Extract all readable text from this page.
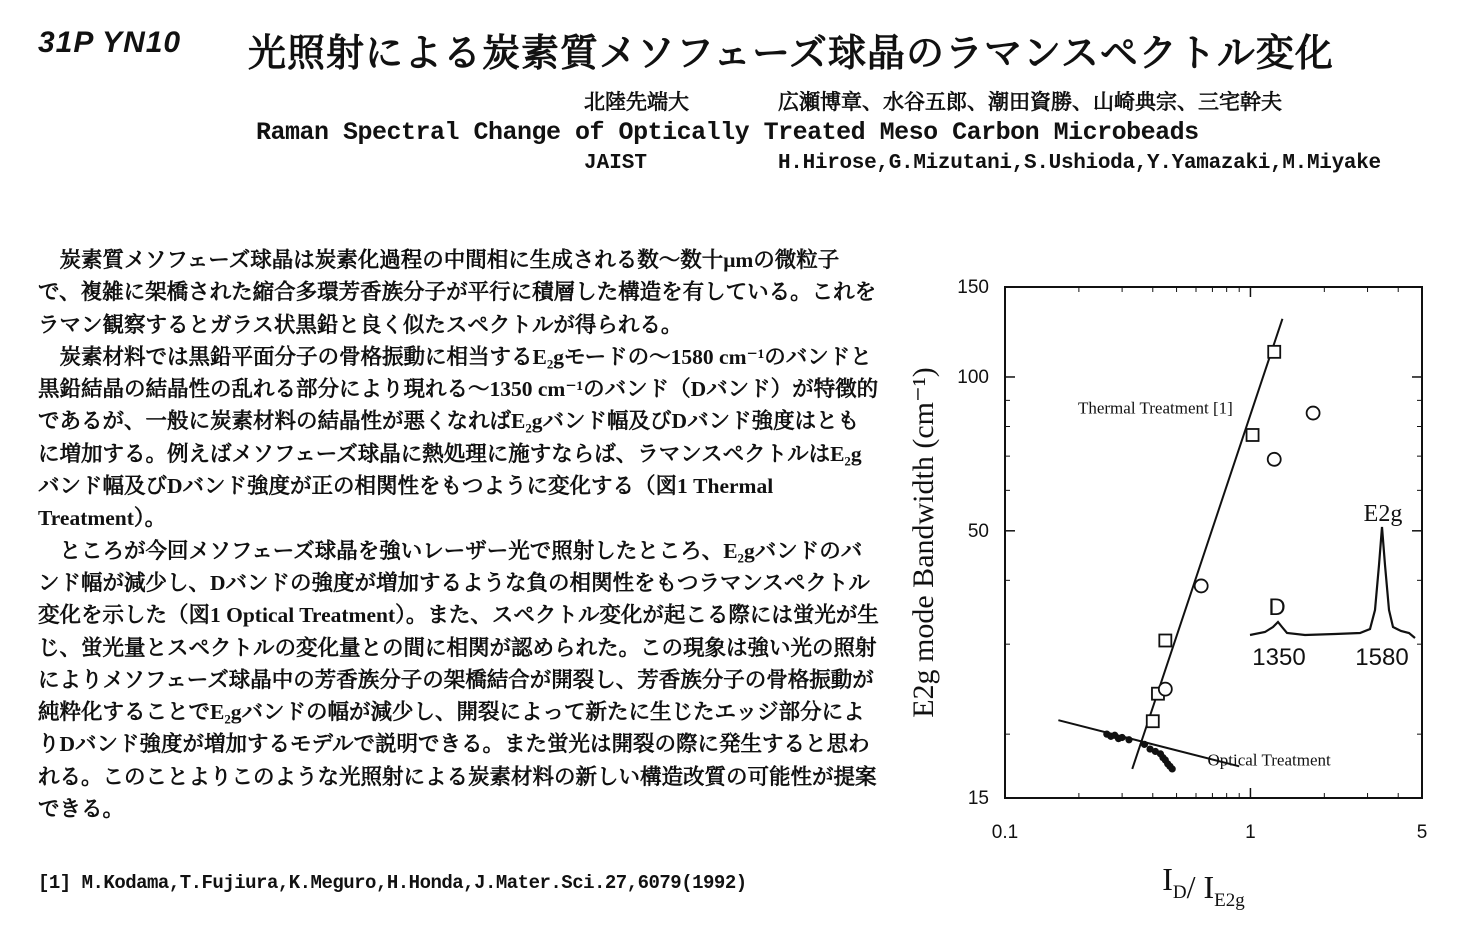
31P YN10 光照射による炭素質メソフェーズ球晶のラマンスペクトル変化
北陸先端大	広瀬博章、水谷五郎、潮田資勝、山崎典宗、三宅幹夫
Raman Spectral Change of Optically Treated Meso Carbon Microbeads
JAIST	H.Hirose,G.Mizutani,S.Ushioda,Y.Yamazaki,M.Miyake

炭素質メソフェーズ球晶は炭素化過程の中間相に生成される数～数十μmの微粒子で、複雑に架橋された縮合多環芳香族分子が平行に積層した構造を有している。これをラマン観察するとガラス状黒鉛と良く似たスペクトルが得られる。

炭素材料では黒鉛平面分子の骨格振動に相当するE₂gモードの～1580 cm⁻¹のバンドと黒鉛結晶の結晶性の乱れる部分により現れる～1350 cm⁻¹のバンド（Dバンド）が特徴的であるが、一般に炭素材料の結晶性が悪くなればE₂gバンド幅及びDバンド強度はともに増加する。例えばメソフェーズ球晶に熱処理に施すならば、ラマンスペクトルはE₂gバンド幅及びDバンド強度が正の相関性をもつように変化する（図1 Thermal Treatment）。

ところが今回メソフェーズ球晶を強いレーザー光で照射したところ、E₂gバンドのバンド幅が減少し、Dバンドの強度が増加するような負の相関性をもつラマンスペクトル変化を示した（図1 Optical Treatment）。また、スペクトル変化が起こる際には蛍光が生じ、蛍光量とスペクトルの変化量との間に相関が認められた。この現象は強い光の照射によりメソフェーズ球晶中の芳香族分子の架橋結合が開裂し、芳香族分子の骨格振動が純粋化することでE₂gバンドの幅が減少し、開裂によって新たに生じたエッジ部分によりDバンド強度が増加するモデルで説明できる。また蛍光は開裂の際に発生すると思われる。このことよりこのような光照射による炭素材料の新しい構造改質の可能性が提案できる。

[1] M.Kodama,T.Fujiura,K.Meguro,H.Honda,J.Mater.Sci.27,6079(1992)
15
50
100
150
0.1	1	5
E2g mode Bandwidth (cm⁻¹)
$I_D/$ $I_{E2g}$
Thermal Treatment [1]
Optical Treatment
D
E2g
1350 1580
